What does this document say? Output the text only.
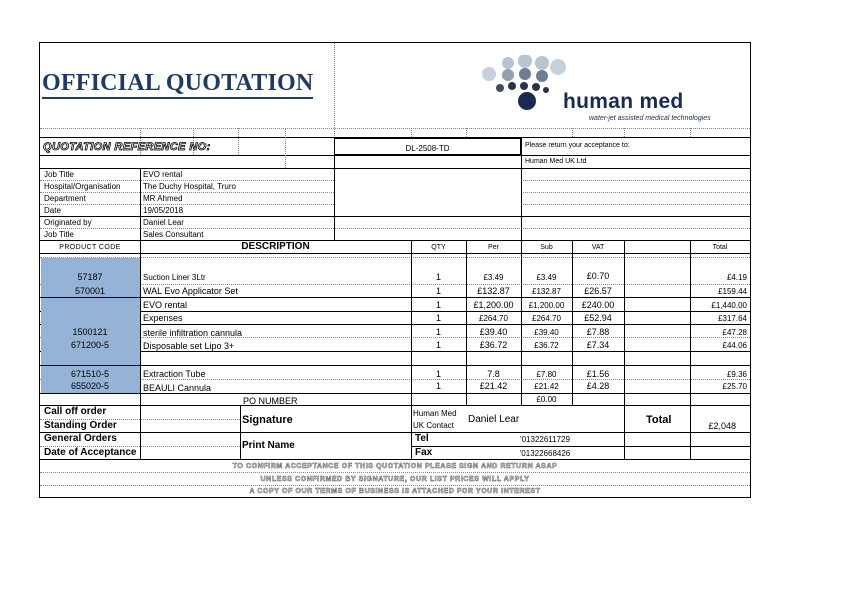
OFFICIAL QUOTATION
human med
water-jet assisted medical technologies
QUOTATION REFERENCE NO:	DL-2508-TD	Please return your acceptance to:
Human Med UK Ltd
Job Title	EVO rental
Hospital/Organisation	The Duchy Hospital, Truro
Department	MR Ahmed
Date	19/05/2018
Originated by	Daniel Lear
Job Title	Sales Consultant
PRODUCT CODE	DESCRIPTION	QTY	Per	Sub	VAT	Total
57187	Suction Liner 3Ltr	1	£3.49	£3.49	£0.70	£4.19
570001	WAL Evo Applicator Set	1	£132.87	£132.87	£26.57	£159.44
EVO rental	1	£1,200.00	£1,200.00	£240.00	£1,440.00
Expenses	1	£264.70	£264.70	£52.94	£317.64
1500121	sterile infiltration cannula	1	£39.40	£39.40	£7.88	£47.28
671200-5	Disposable set Lipo 3+	1	£36.72	£36.72	£7.34	£44.06
671510-5	Extraction Tube	1	7.8	£7.80	£1.56	£9.36
655020-5	BEAULI Cannula	1	£21.42	£21.42	£4.28	£25.70
PO NUMBER	£0.00
Call off order
Standing Order
General Orders
Date of Acceptance
Signature
Print Name
Human Med
UK Contact
Daniel Lear
Tel	'01322611729
Fax	'01322668426
Total	£2,048
TO CONFIRM ACCEPTANCE OF THIS QUOTATION PLEASE SIGN AND RETURN ASAP
UNLESS CONFIRMED BY SIGNATURE, OUR LIST PRICES WILL APPLY
A COPY OF OUR TERMS OF BUSINESS IS ATTACHED FOR YOUR INTEREST
